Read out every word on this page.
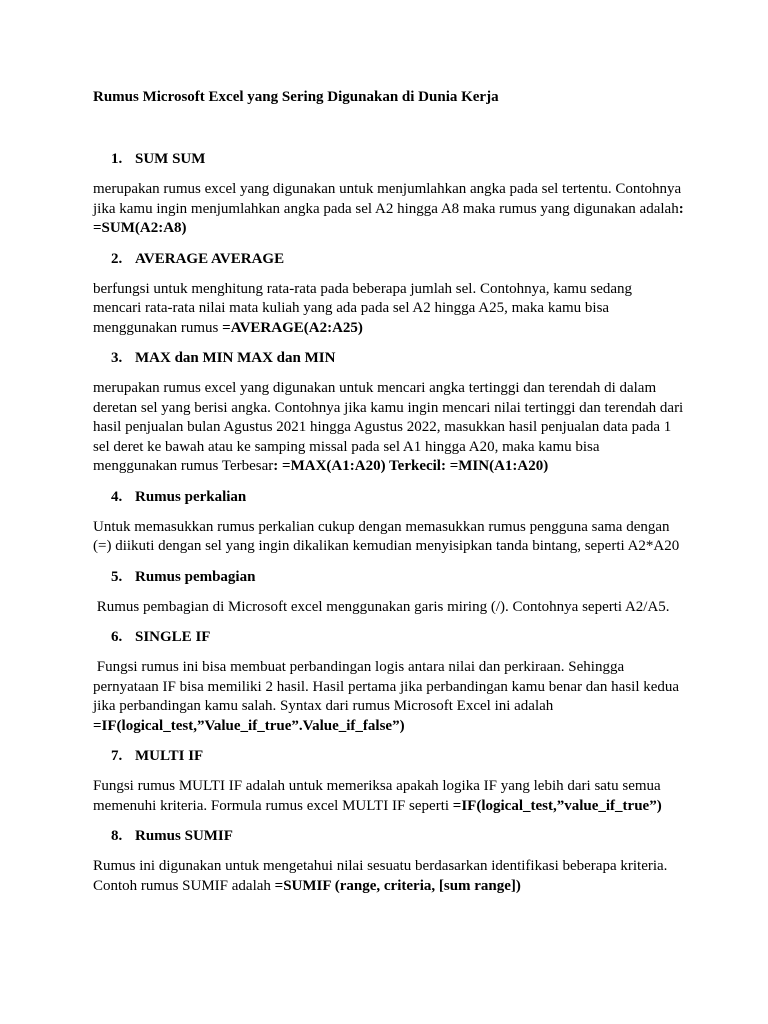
Rumus Microsoft Excel yang Sering Digunakan di Dunia Kerja
1. SUM SUM
merupakan rumus excel yang digunakan untuk menjumlahkan angka pada sel tertentu. Contohnya jika kamu ingin menjumlahkan angka pada sel A2 hingga A8 maka rumus yang digunakan adalah: =SUM(A2:A8)
2. AVERAGE AVERAGE
berfungsi untuk menghitung rata-rata pada beberapa jumlah sel. Contohnya, kamu sedang mencari rata-rata nilai mata kuliah yang ada pada sel A2 hingga A25, maka kamu bisa menggunakan rumus =AVERAGE(A2:A25)
3. MAX dan MIN MAX dan MIN
merupakan rumus excel yang digunakan untuk mencari angka tertinggi dan terendah di dalam deretan sel yang berisi angka. Contohnya jika kamu ingin mencari nilai tertinggi dan terendah dari hasil penjualan bulan Agustus 2021 hingga Agustus 2022, masukkan hasil penjualan data pada 1 sel deret ke bawah atau ke samping missal pada sel A1 hingga A20, maka kamu bisa menggunakan rumus Terbesar: =MAX(A1:A20) Terkecil: =MIN(A1:A20)
4. Rumus perkalian
Untuk memasukkan rumus perkalian cukup dengan memasukkan rumus pengguna sama dengan (=) diikuti dengan sel yang ingin dikalikan kemudian menyisipkan tanda bintang, seperti A2*A20
5. Rumus pembagian
Rumus pembagian di Microsoft excel menggunakan garis miring (/). Contohnya seperti A2/A5.
6. SINGLE IF
Fungsi rumus ini bisa membuat perbandingan logis antara nilai dan perkiraan. Sehingga pernyataan IF bisa memiliki 2 hasil. Hasil pertama jika perbandingan kamu benar dan hasil kedua jika perbandingan kamu salah. Syntax dari rumus Microsoft Excel ini adalah =IF(logical_test,”Value_if_true”.Value_if_false”)
7. MULTI IF
Fungsi rumus MULTI IF adalah untuk memeriksa apakah logika IF yang lebih dari satu semua memenuhi kriteria. Formula rumus excel MULTI IF seperti =IF(logical_test,”value_if_true”)
8. Rumus SUMIF
Rumus ini digunakan untuk mengetahui nilai sesuatu berdasarkan identifikasi beberapa kriteria. Contoh rumus SUMIF adalah =SUMIF (range, criteria, [sum range])
